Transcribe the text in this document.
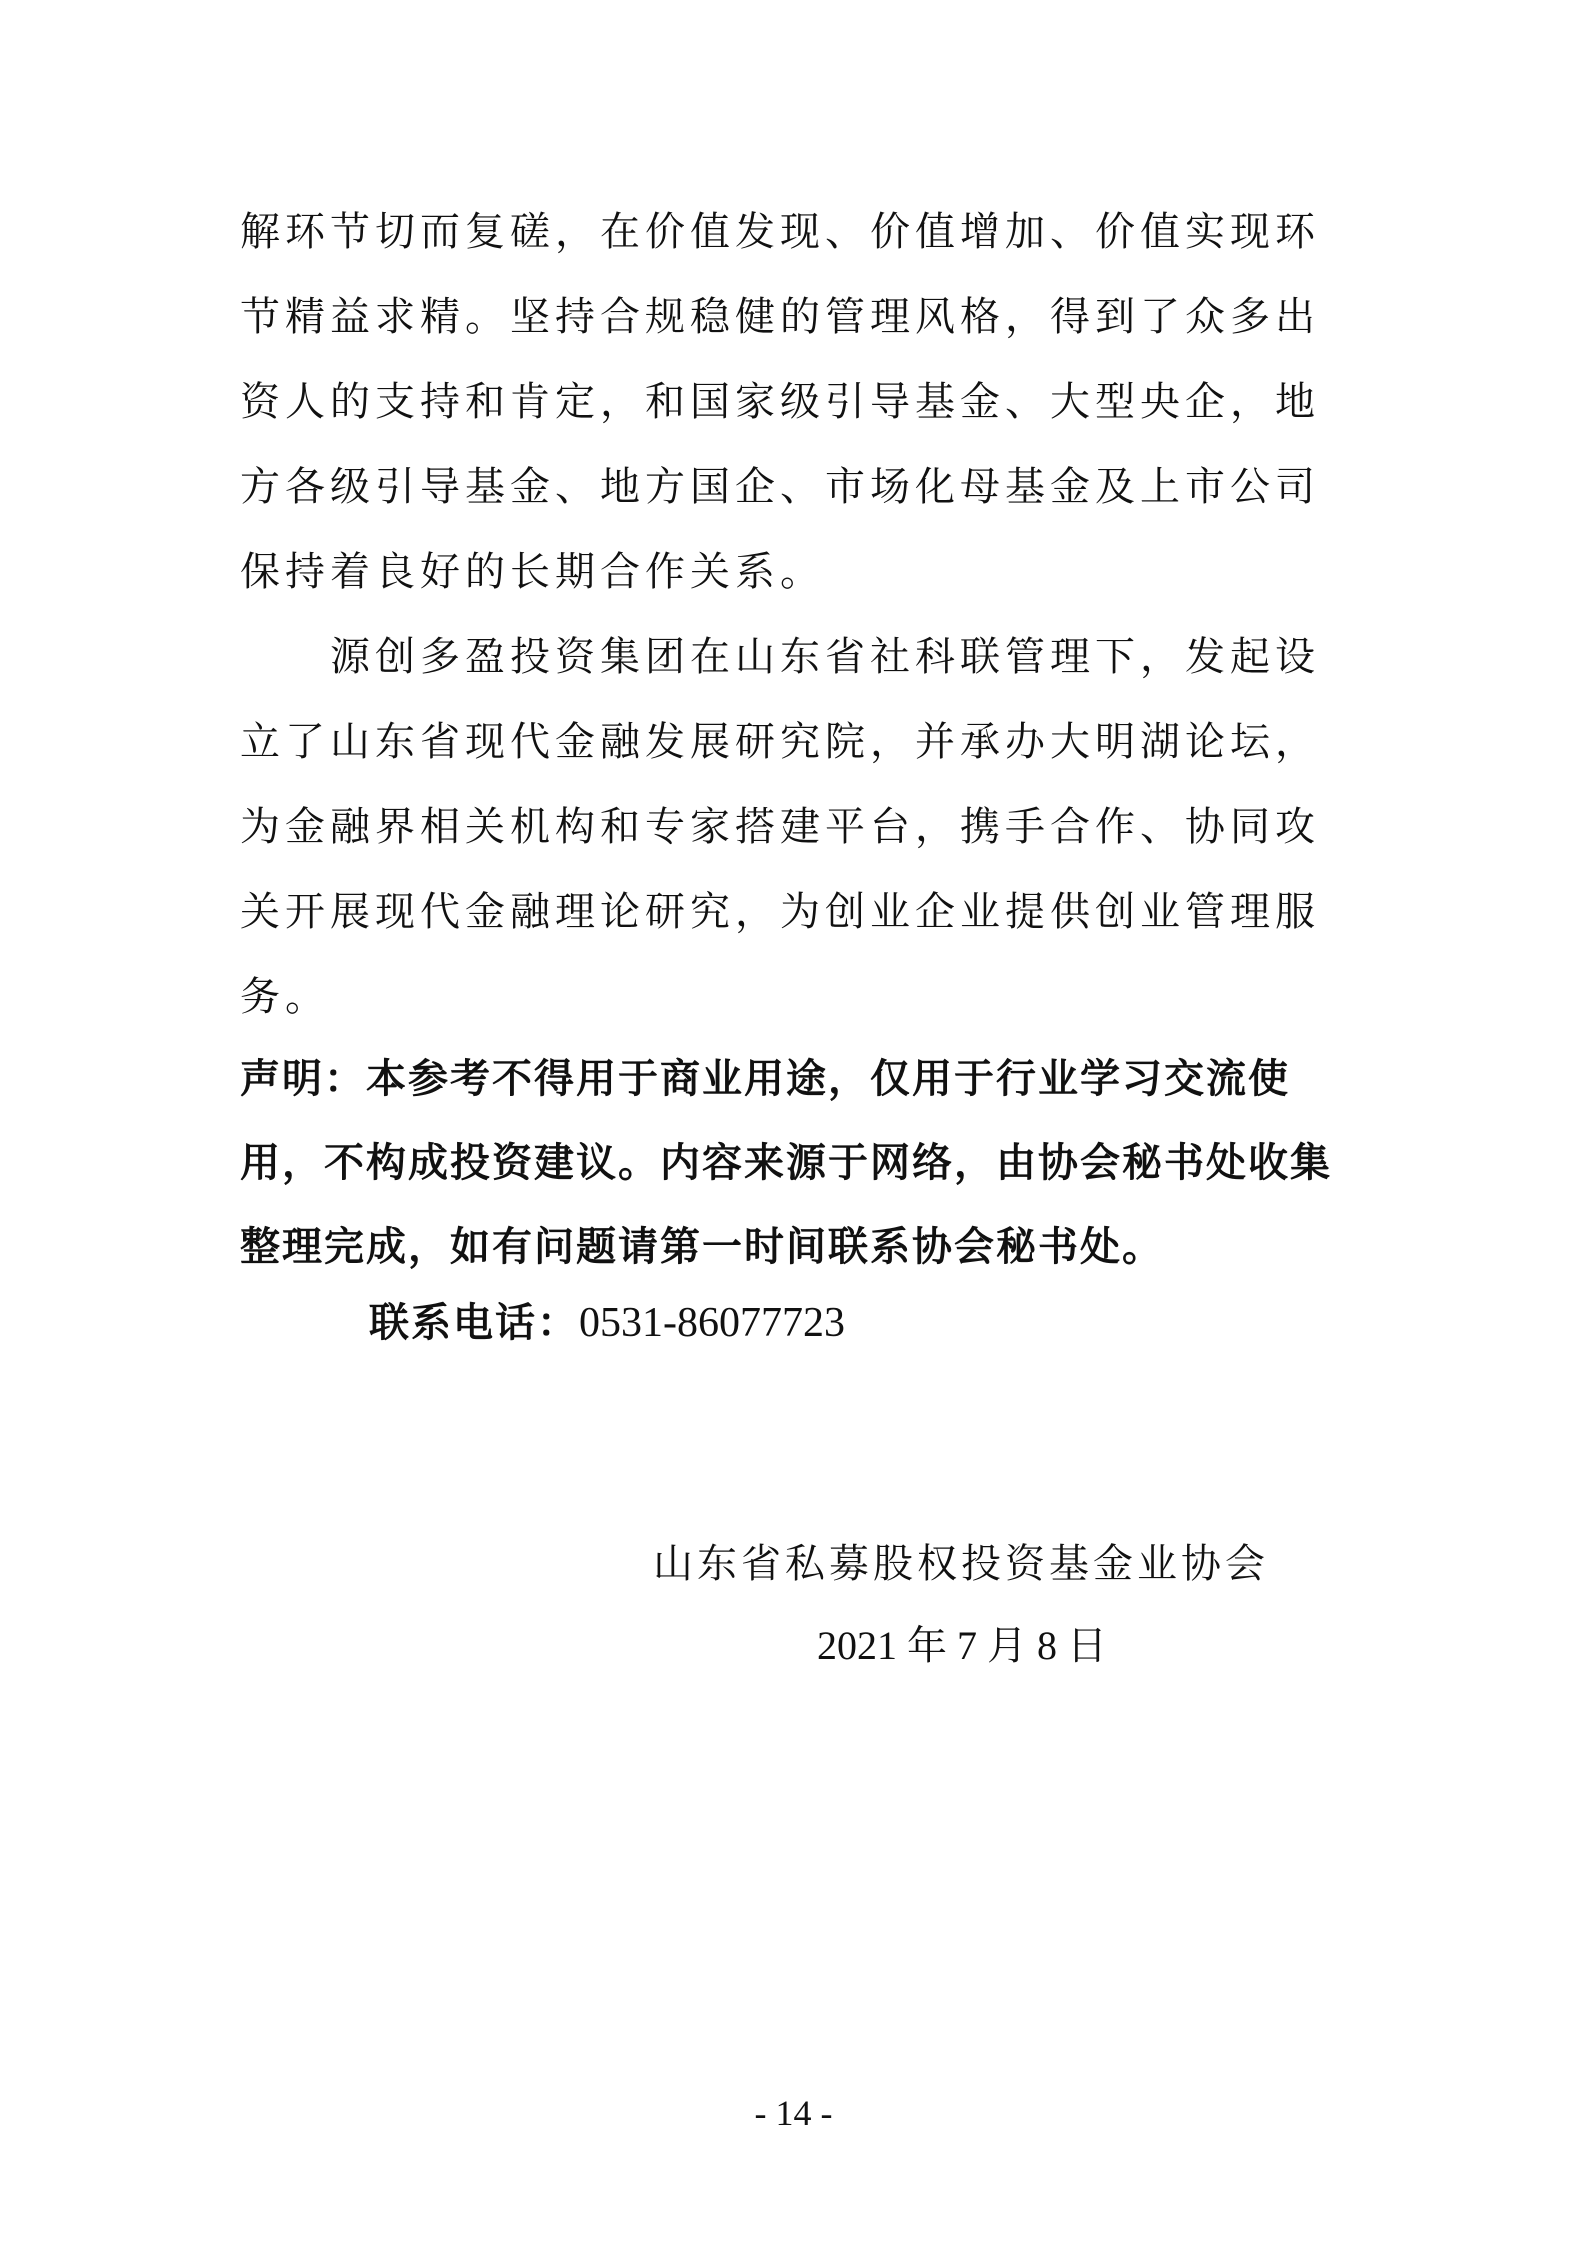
解环节切而复磋，在价值发现、价值增加、价值实现环节精益求精。坚持合规稳健的管理风格，得到了众多出资人的支持和肯定，和国家级引导基金、大型央企，地方各级引导基金、地方国企、市场化母基金及上市公司保持着良好的长期合作关系。

源创多盈投资集团在山东省社科联管理下，发起设立了山东省现代金融发展研究院，并承办大明湖论坛，为金融界相关机构和专家搭建平台，携手合作、协同攻关开展现代金融理论研究，为创业企业提供创业管理服务。

声明：本参考不得用于商业用途，仅用于行业学习交流使用，不构成投资建议。内容来源于网络，由协会秘书处收集整理完成，如有问题请第一时间联系协会秘书处。

联系电话：0531-86077723
山东省私募股权投资基金业协会
2021 年 7 月 8 日
- 14 -
